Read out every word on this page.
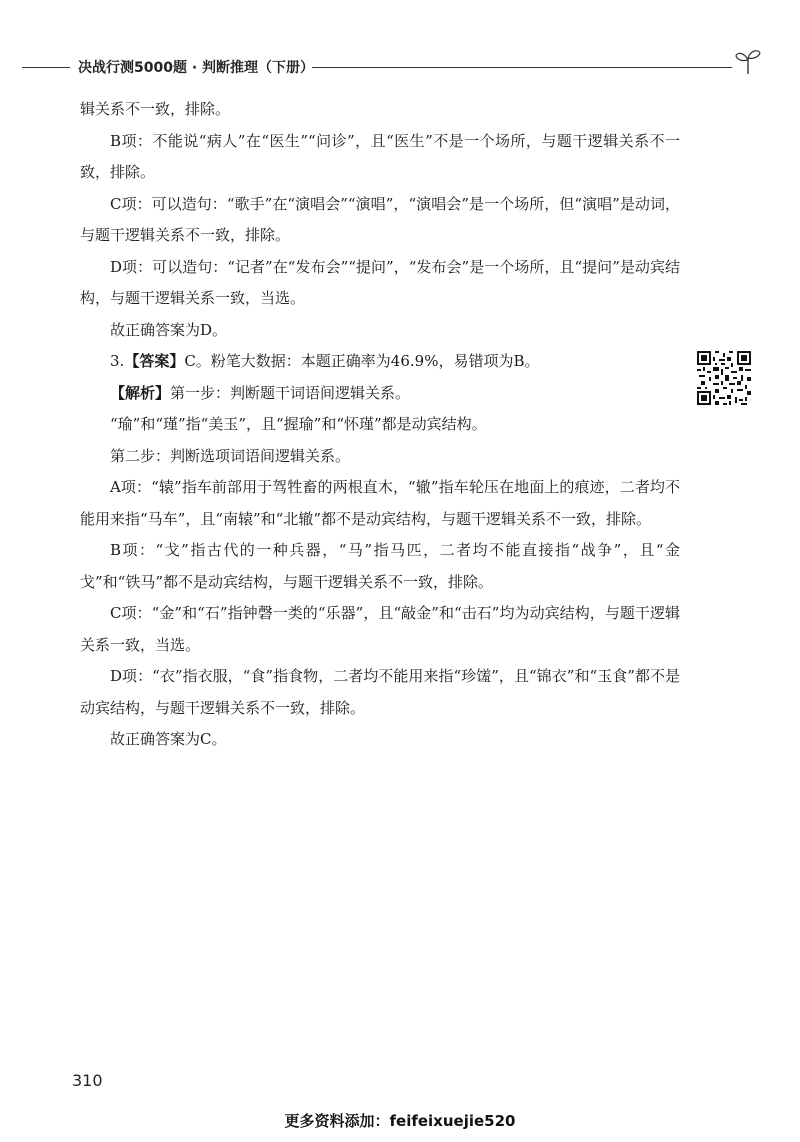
决战行测5000题 · 判断推理（下册）

辑关系不一致，排除。

B项：不能说“病人”在“医生”“问诊”，且“医生”不是一个场所，与题干逻辑关系不一致，排除。

C项：可以造句：“歌手”在“演唱会”“演唱”，“演唱会”是一个场所，但“演唱”是动词，与题干逻辑关系不一致，排除。

D项：可以造句：“记者”在“发布会”“提问”，“发布会”是一个场所，且“提问”是动宾结构，与题干逻辑关系一致，当选。

故正确答案为D。

3.【答案】C。粉笔大数据：本题正确率为46.9%，易错项为B。

【解析】第一步：判断题干词语间逻辑关系。

“瑜”和“瑾”指“美玉”，且“握瑜”和“怀瑾”都是动宾结构。

第二步：判断选项词语间逻辑关系。

A项：“辕”指车前部用于驾牲畜的两根直木，“辙”指车轮压在地面上的痕迹，二者均不能用来指“马车”，且“南辕”和“北辙”都不是动宾结构，与题干逻辑关系不一致，排除。

B项：“戈”指古代的一种兵器，“马”指马匹，二者均不能直接指“战争”，且“金戈”和“铁马”都不是动宾结构，与题干逻辑关系不一致，排除。

C项：“金”和“石”指钟磬一类的“乐器”，且“敲金”和“击石”均为动宾结构，与题干逻辑关系一致，当选。

D项：“衣”指衣服，“食”指食物，二者均不能用来指“珍馐”，且“锦衣”和“玉食”都不是动宾结构，与题干逻辑关系不一致，排除。

故正确答案为C。

310
更多资料添加：feifeixuejie520
